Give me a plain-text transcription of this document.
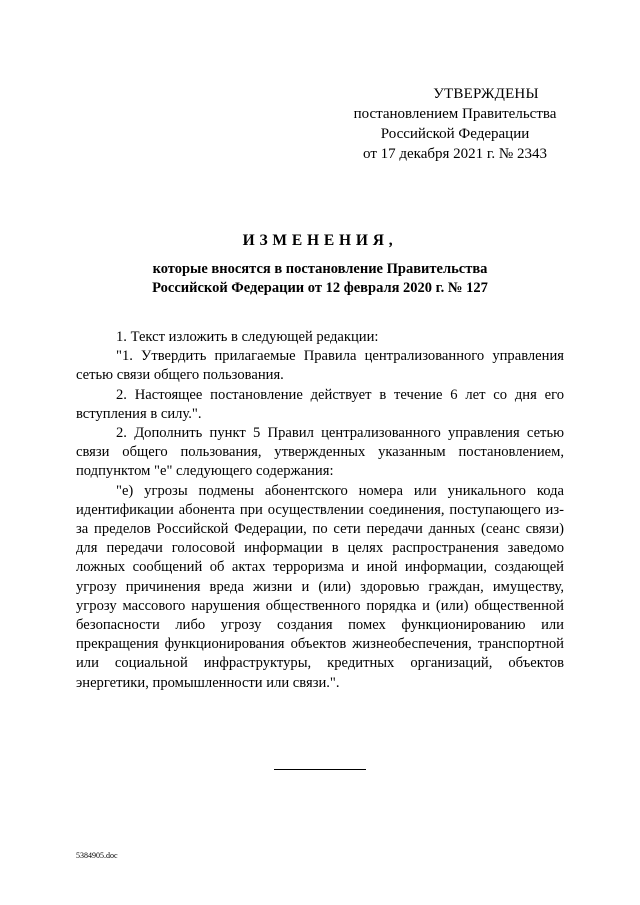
УТВЕРЖДЕНЫ
постановлением Правительства
Российской Федерации
от 17 декабря 2021 г. № 2343
ИЗМЕНЕНИЯ,
которые вносятся в постановление Правительства
Российской Федерации от 12 февраля 2020 г. № 127

1. Текст изложить в следующей редакции:

"1. Утвердить прилагаемые Правила централизованного управления сетью связи общего пользования.

2. Настоящее постановление действует в течение 6 лет со дня его вступления в силу.".

2. Дополнить пункт 5 Правил централизованного управления сетью связи общего пользования, утвержденных указанным постановлением, подпунктом "е" следующего содержания:

"е) угрозы подмены абонентского номера или уникального кода идентификации абонента при осуществлении соединения, поступающего из-за пределов Российской Федерации, по сети передачи данных (сеанс связи) для передачи голосовой информации в целях распространения заведомо ложных сообщений об актах терроризма и иной информации, создающей угрозу причинения вреда жизни и (или) здоровью граждан, имуществу, угрозу массового нарушения общественного порядка и (или) общественной безопасности либо угрозу создания помех функционированию или прекращения функционирования объектов жизнеобеспечения, транспортной или социальной инфраструктуры, кредитных организаций, объектов энергетики, промышленности или связи.".

5384905.doc
